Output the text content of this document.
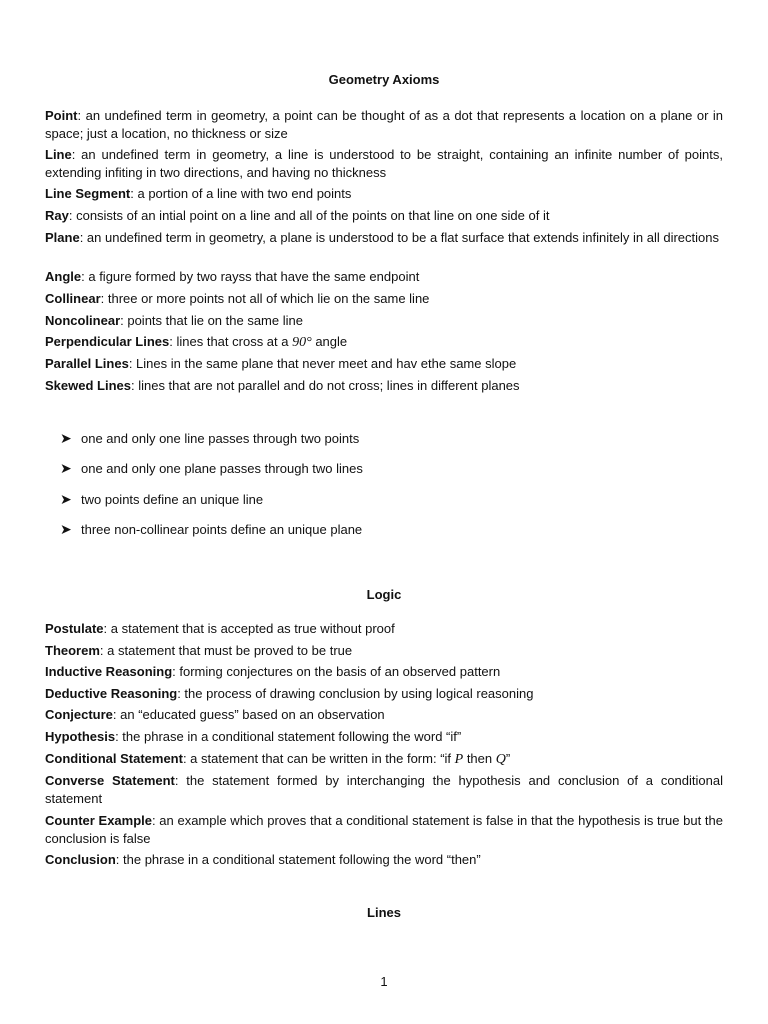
Geometry Axioms
Point: an undefined term in geometry, a point can be thought of as a dot that represents a location on a plane or in space; just a location, no thickness or size
Line: an undefined term in geometry, a line is understood to be straight, containing an infinite number of points, extending infiting in two directions, and having no thickness
Line Segment: a portion of a line with two end points
Ray: consists of an intial point on a line and all of the points on that line on one side of it
Plane: an undefined term in geometry, a plane is understood to be a flat surface that extends infinitely in all directions
Angle: a figure formed by two rayss that have the same endpoint
Collinear: three or more points not all of which lie on the same line
Noncolinear: points that lie on the same line
Perpendicular Lines: lines that cross at a 90° angle
Parallel Lines: Lines in the same plane that never meet and hav ethe same slope
Skewed Lines: lines that are not parallel and do not cross; lines in different planes
➤ one and only one line passes through two points
➤ one and only one plane passes through two lines
➤ two points define an unique line
➤ three non-collinear points define an unique plane
Logic
Postulate: a statement that is accepted as true without proof
Theorem: a statement that must be proved to be true
Inductive Reasoning: forming conjectures on the basis of an observed pattern
Deductive Reasoning: the process of drawing conclusion by using logical reasoning
Conjecture: an “educated guess” based on an observation
Hypothesis: the phrase in a conditional statement following the word “if”
Conditional Statement: a statement that can be written in the form: “if P then Q”
Converse Statement: the statement formed by interchanging the hypothesis and conclusion of a conditional statement
Counter Example: an example which proves that a conditional statement is false in that the hypothesis is true but the conclusion is false
Conclusion: the phrase in a conditional statement following the word “then”
Lines
1
